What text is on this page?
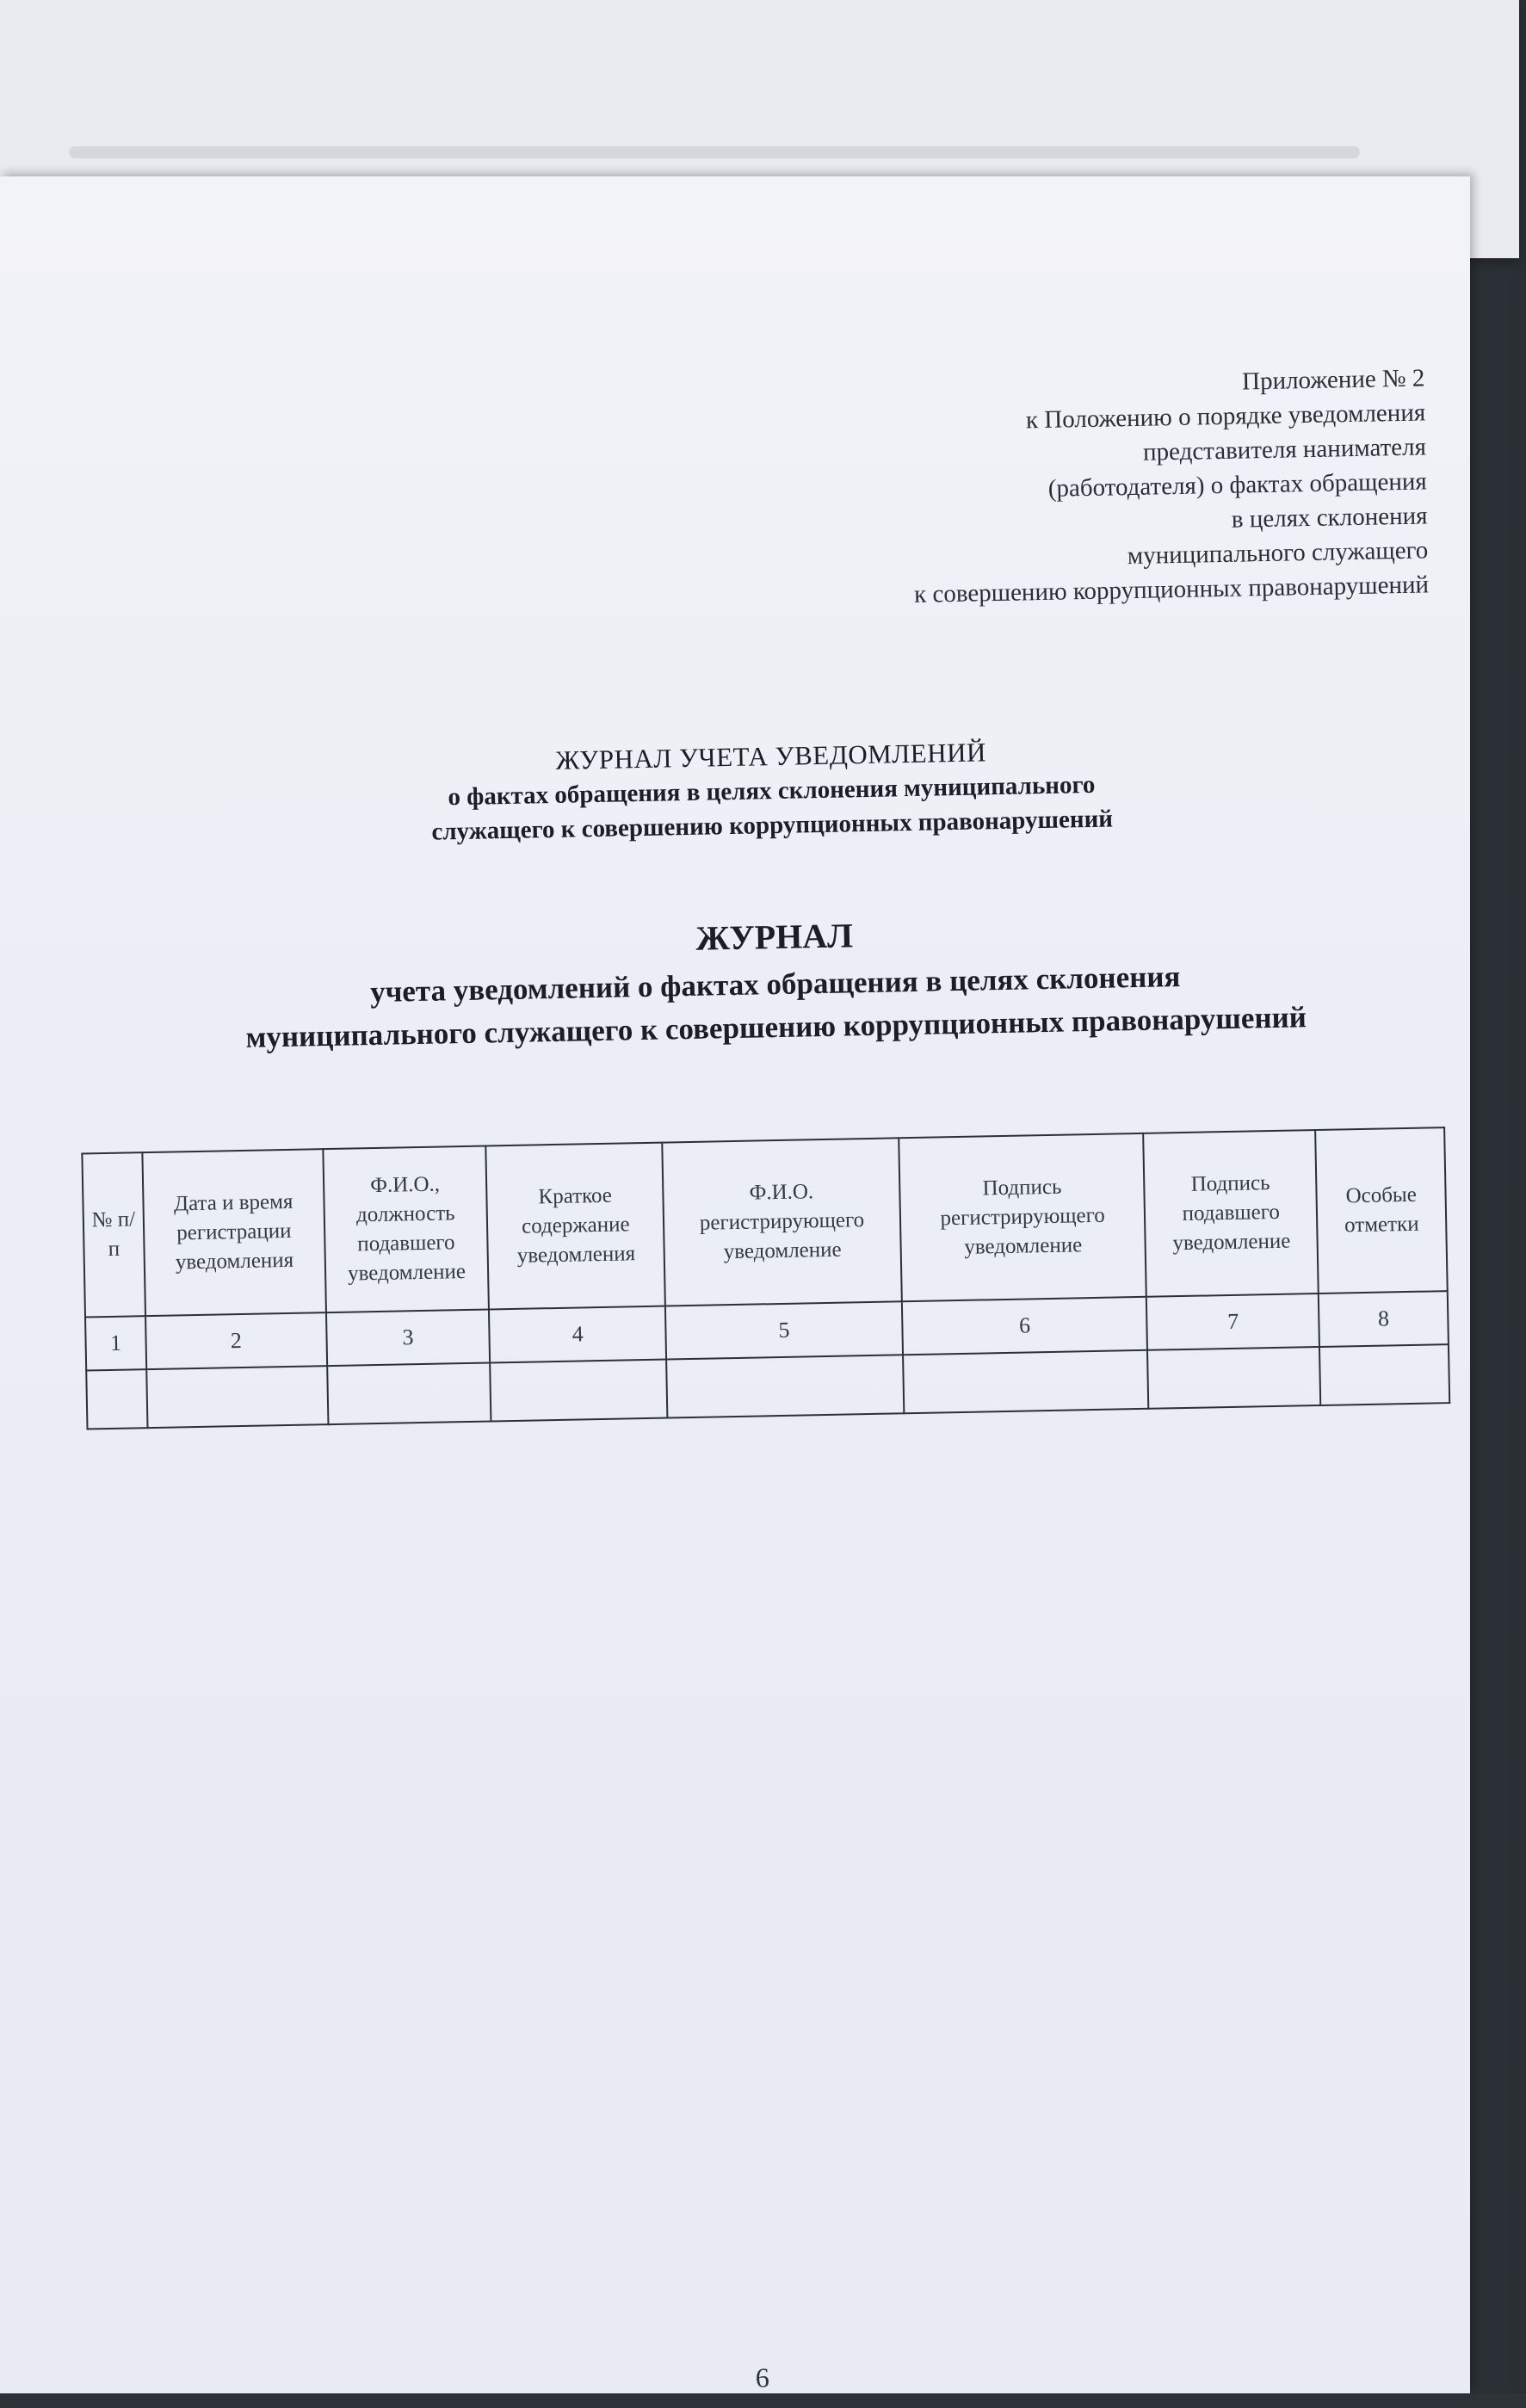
Приложение № 2
к Положению о порядке уведомления
представителя нанимателя
(работодателя) о фактах обращения
в целях склонения
муниципального служащего
к совершению коррупционных правонарушений
ЖУРНАЛ УЧЕТА УВЕДОМЛЕНИЙ
о фактах обращения в целях склонения муниципального
служащего к совершению коррупционных правонарушений
ЖУРНАЛ
учета уведомлений о фактах обращения в целях склонения
муниципального служащего к совершению коррупционных правонарушений
№ п/п	Дата и время регистрации уведомления	Ф.И.О., должность подавшего уведомление	Краткое содержание уведомления	Ф.И.О. регистрирующего уведомление	Подпись регистрирующего уведомление	Подпись подавшего уведомление	Особые отметки
1	2	3	4	5	6	7	8

6
